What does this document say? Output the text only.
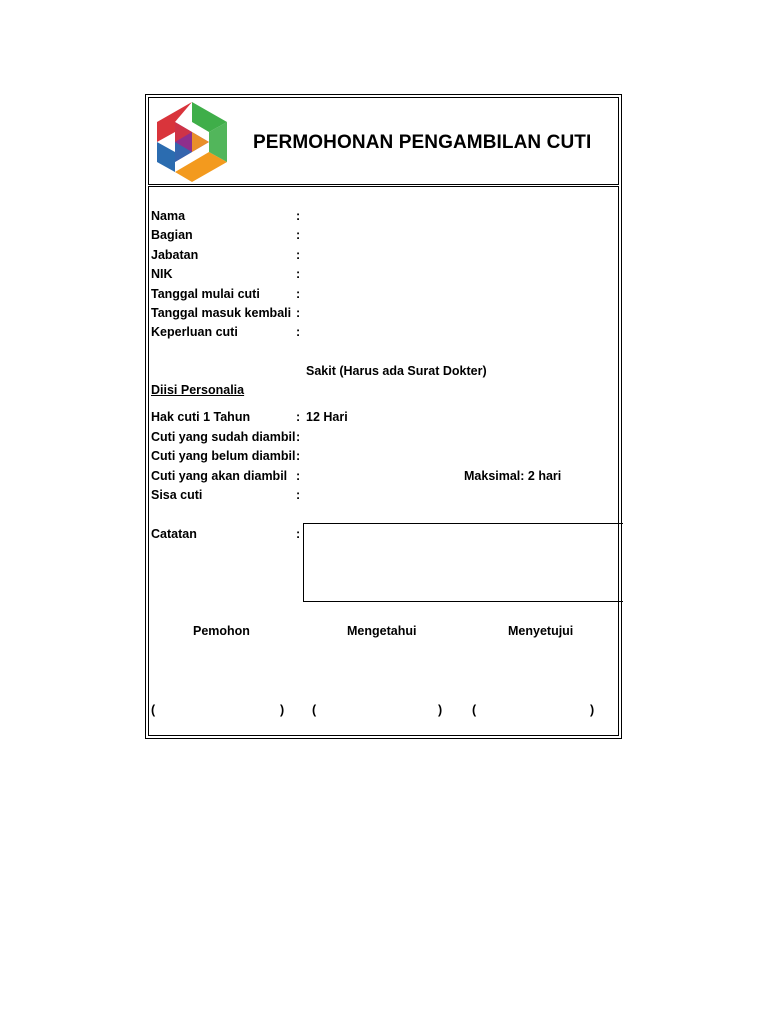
PERMOHONAN PENGAMBILAN CUTI
Nama	:
Bagian	:
Jabatan	:
NIK	:
Tanggal mulai cuti	:
Tanggal masuk kembali :
Keperluan cuti	:
Sakit (Harus ada Surat Dokter)
Diisi Personalia
Hak cuti 1 Tahun	: 12 Hari
Cuti yang sudah diambil :
Cuti yang belum diambil :
Cuti yang akan diambil :	Maksimal: 2 hari
Sisa cuti	:
Catatan	:
Pemohon	Mengetahui	Menyetujui
(	) (	) (	)
